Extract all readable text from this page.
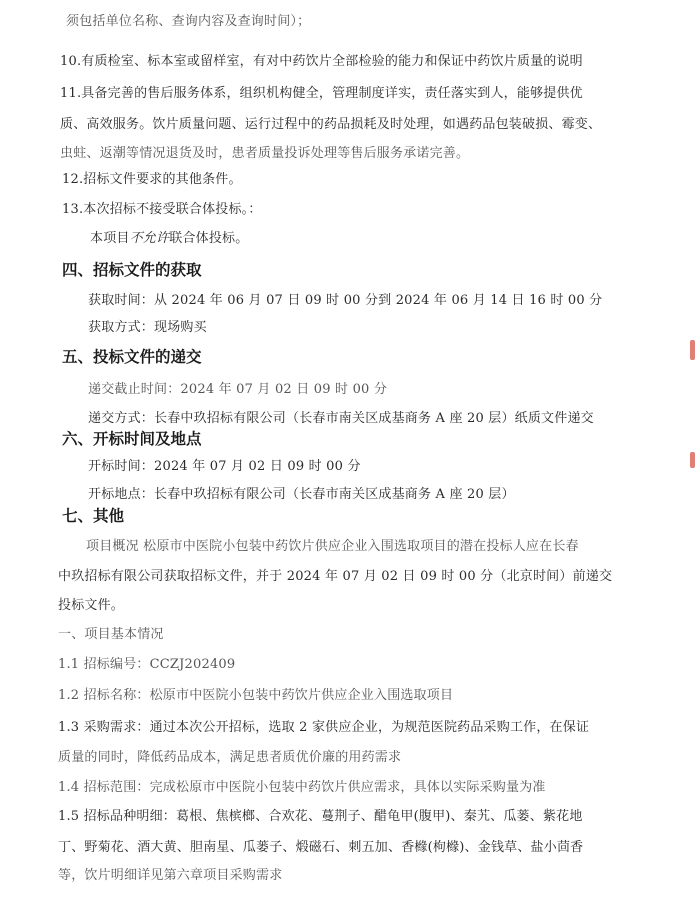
须包括单位名称、查询内容及查询时间）；
10.有质检室、标本室或留样室，有对中药饮片全部检验的能力和保证中药饮片质量的说明
11.具备完善的售后服务体系，组织机构健全，管理制度详实，责任落实到人，能够提供优
质、高效服务。饮片质量问题、运行过程中的药品损耗及时处理，如遇药品包装破损、霉变、
虫蛀、返潮等情况退货及时，患者质量投诉处理等售后服务承诺完善。
12.招标文件要求的其他条件。
13.本次招标不接受联合体投标。：
本项目不允许联合体投标。
四、招标文件的获取
获取时间：从 2024 年 06 月 07 日 09 时 00 分到 2024 年 06 月 14 日 16 时 00 分
获取方式：现场购买
五、投标文件的递交
递交截止时间：2024 年 07 月 02 日 09 时 00 分
递交方式：长春中玖招标有限公司（长春市南关区成基商务 A 座 20 层）纸质文件递交
六、开标时间及地点
开标时间：2024 年 07 月 02 日 09 时 00 分
开标地点：长春中玖招标有限公司（长春市南关区成基商务 A 座 20 层）
七、其他
项目概况 松原市中医院小包装中药饮片供应企业入围选取项目的潜在投标人应在长春
中玖招标有限公司获取招标文件，并于 2024 年 07 月 02 日 09 时 00 分（北京时间）前递交
投标文件。
一、项目基本情况
1.1 招标编号：CCZJ202409
1.2 招标名称：松原市中医院小包装中药饮片供应企业入围选取项目
1.3 采购需求：通过本次公开招标，选取 2 家供应企业，为规范医院药品采购工作，在保证
质量的同时，降低药品成本，满足患者质优价廉的用药需求
1.4 招标范围：完成松原市中医院小包装中药饮片供应需求，具体以实际采购量为准
1.5 招标品种明细：葛根、焦槟榔、合欢花、蔓荆子、醋龟甲(腹甲)、秦艽、瓜蒌、紫花地
丁、野菊花、酒大黄、胆南星、瓜蒌子、煅磁石、刺五加、香橼(枸橼)、金钱草、盐小茴香
等，饮片明细详见第六章项目采购需求
